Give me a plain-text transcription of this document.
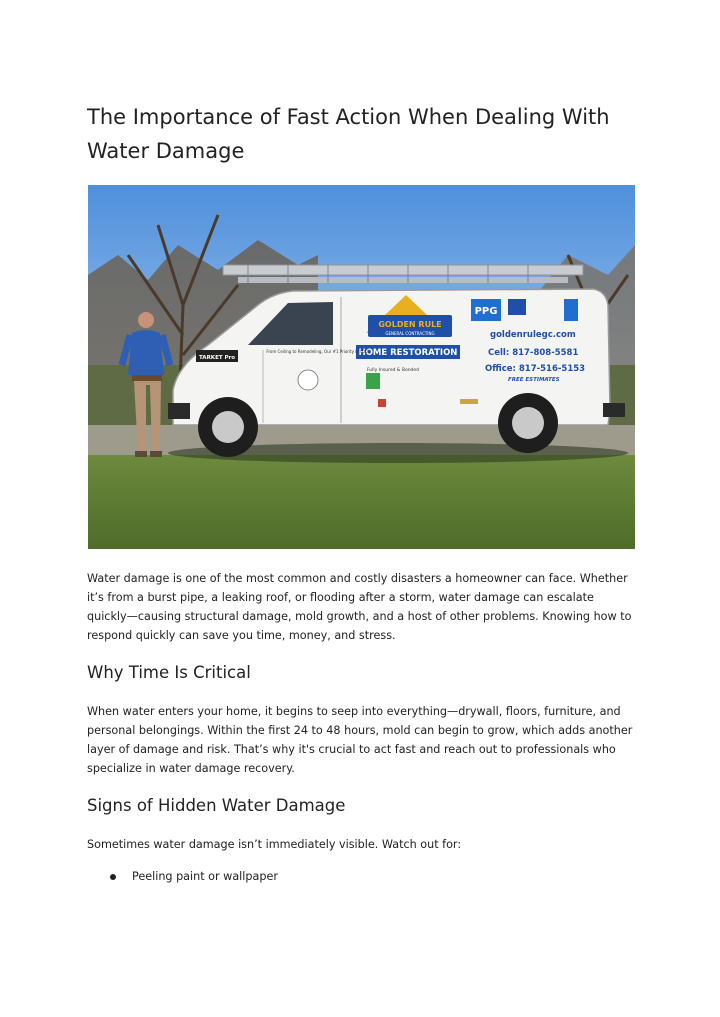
The Importance of Fast Action When Dealing With Water Damage
GOLDEN RULE
GENERAL CONTRACTING
HOME RESTORATION
Fully Insured & Bonded
From Ceiling to Remodeling, Our #1 Priority is YOU!
TARKET Pro
PPG
goldenrulegc.com
Cell: 817-808-5581
Office: 817-516-5153
FREE ESTIMATES

Water damage is one of the most common and costly disasters a homeowner can face. Whether it’s from a burst pipe, a leaking roof, or flooding after a storm, water damage can escalate quickly—causing structural damage, mold growth, and a host of other problems. Knowing how to respond quickly can save you time, money, and stress.

Why Time Is Critical

When water enters your home, it begins to seep into everything—drywall, floors, furniture, and personal belongings. Within the first 24 to 48 hours, mold can begin to grow, which adds another layer of damage and risk. That’s why it's crucial to act fast and reach out to professionals who specialize in water damage recovery.

Signs of Hidden Water Damage

Sometimes water damage isn’t immediately visible. Watch out for:

Peeling paint or wallpaper
